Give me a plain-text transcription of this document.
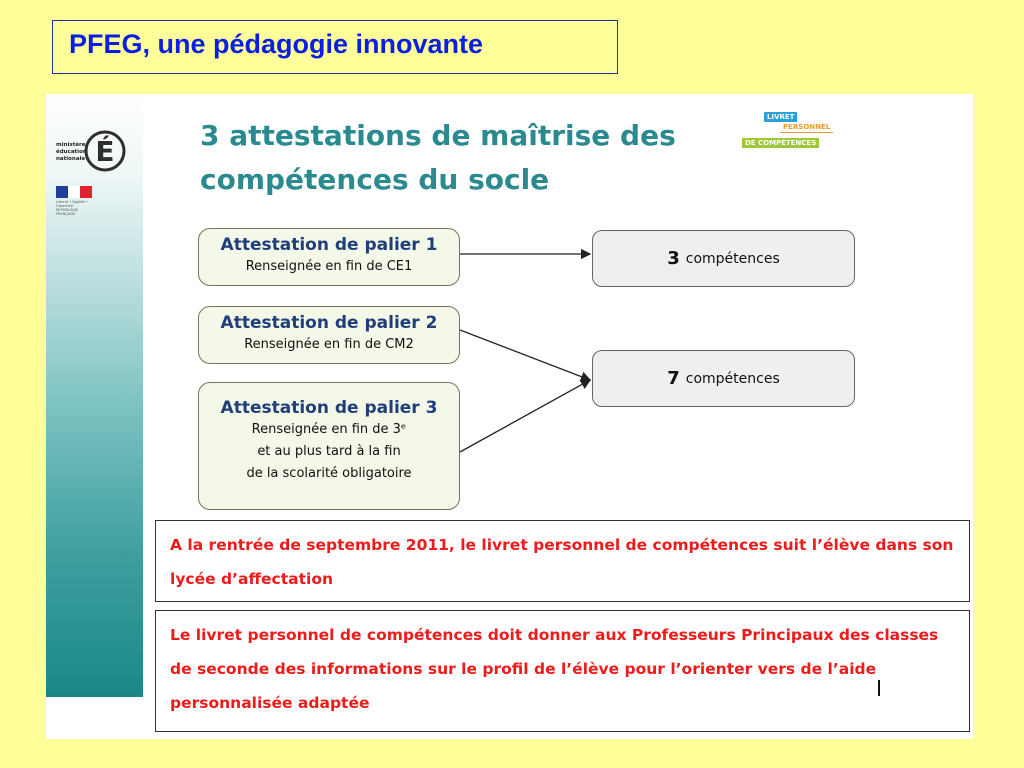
PFEG, une pédagogie innovante
ministère éducation nationale É
Liberté • Égalité • Fraternité RÉPUBLIQUE FRANÇAISE
3 attestations de maîtrise des
compétences du socle
LIVRET
PERSONNEL
DE COMPÉTENCES
Attestation de palier 1
Renseignée en fin de CE1
Attestation de palier 2
Renseignée en fin de CM2
Attestation de palier 3
Renseignée en fin de 3ᵉ
et au plus tard à la fin
de la scolarité obligatoire
3 compétences
7 compétences
A la rentrée de septembre 2011, le livret personnel de compétences suit l’élève dans son lycée d’affectation
Le livret personnel de compétences doit donner aux Professeurs Principaux des classes de seconde des informations sur le profil de l’élève pour l’orienter vers de l’aide personnalisée adaptée
